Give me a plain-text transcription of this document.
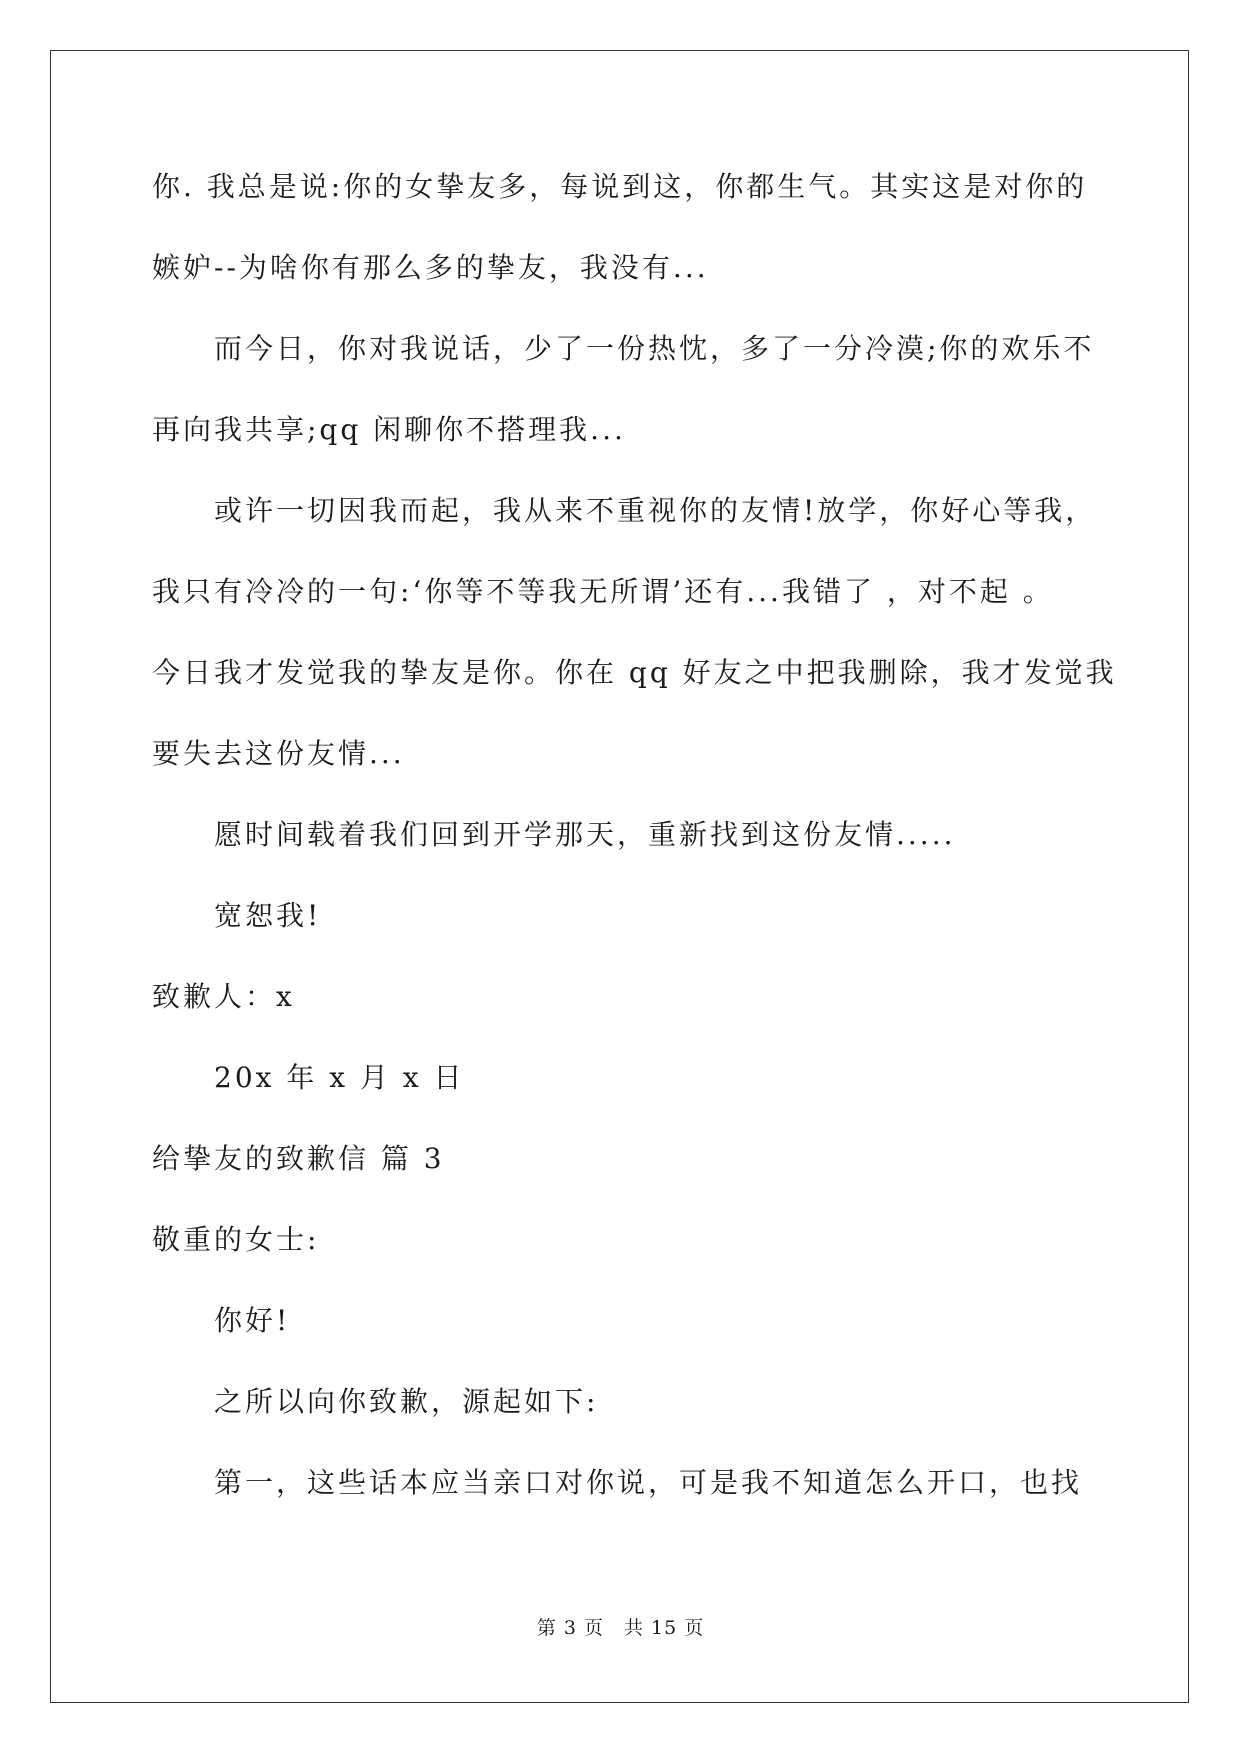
你. 我总是说:你的女挚友多，每说到这，你都生气。其实这是对你的
嫉妒--为啥你有那么多的挚友，我没有...
而今日，你对我说话，少了一份热忱，多了一分冷漠;你的欢乐不
再向我共享;qq 闲聊你不搭理我...
或许一切因我而起，我从来不重视你的友情!放学，你好心等我，
我只有冷冷的一句:‘你等不等我无所谓’还有...我错了 ，对不起 。
今日我才发觉我的挚友是你。你在 qq 好友之中把我删除，我才发觉我
要失去这份友情...
愿时间载着我们回到开学那天，重新找到这份友情.....
宽恕我!
致歉人：x
20x 年 x 月 x 日
给挚友的致歉信 篇 3
敬重的女士:
你好!
之所以向你致歉，源起如下:
第一，这些话本应当亲口对你说，可是我不知道怎么开口，也找
第 3 页 共 15 页
